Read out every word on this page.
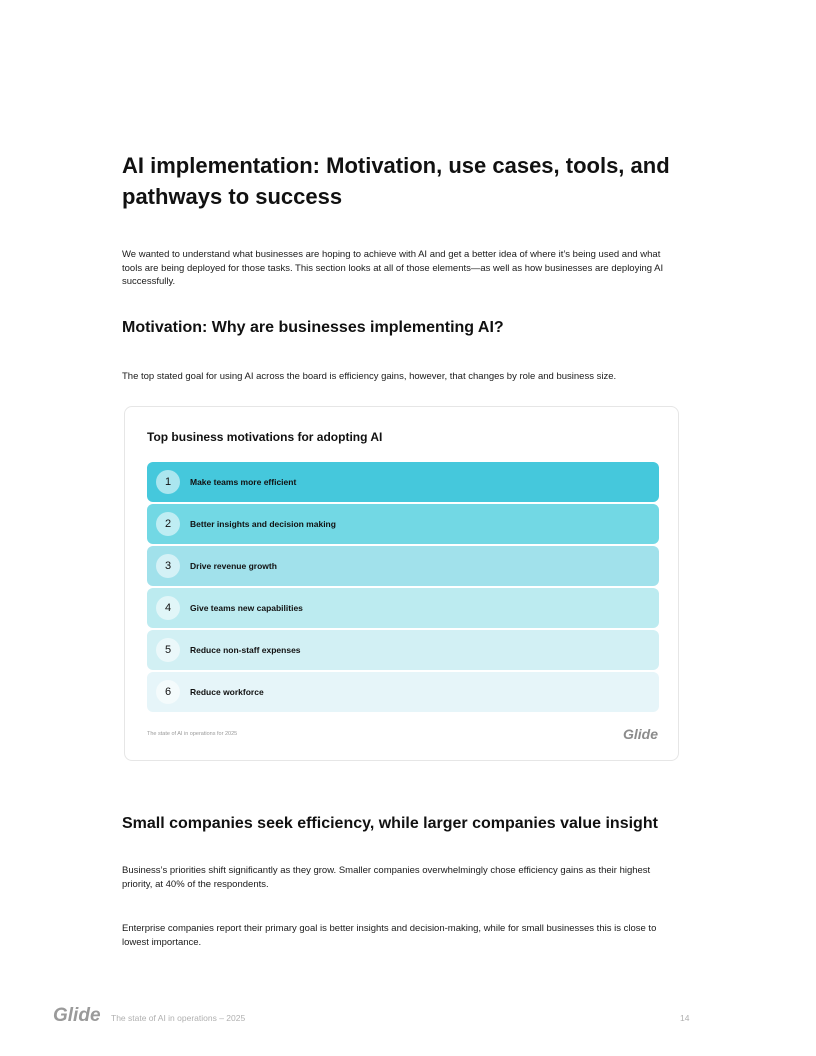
AI implementation: Motivation, use cases, tools, and pathways to success

We wanted to understand what businesses are hoping to achieve with AI and get a better idea of where it’s being used and what tools are being deployed for those tasks. This section looks at all of those elements—as well as how businesses are deploying AI successfully.

Motivation: Why are businesses implementing AI?

The top stated goal for using AI across the board is efficiency gains, however, that changes by role and business size.

Top business motivations for adopting AI
1	Make teams more efficient
2	Better insights and decision making
3	Drive revenue growth
4	Give teams new capabilities
5	Reduce non-staff expenses
6	Reduce workforce
The state of AI in operations for 2025	Glide
Small companies seek efficiency, while larger companies value insight

Business’s priorities shift significantly as they grow. Smaller companies overwhelmingly chose efficiency gains as their highest priority, at 40% of the respondents.

Enterprise companies report their primary goal is better insights and decision-making, while for small businesses this is close to lowest importance.

Glide The state of AI in operations – 2025	14
